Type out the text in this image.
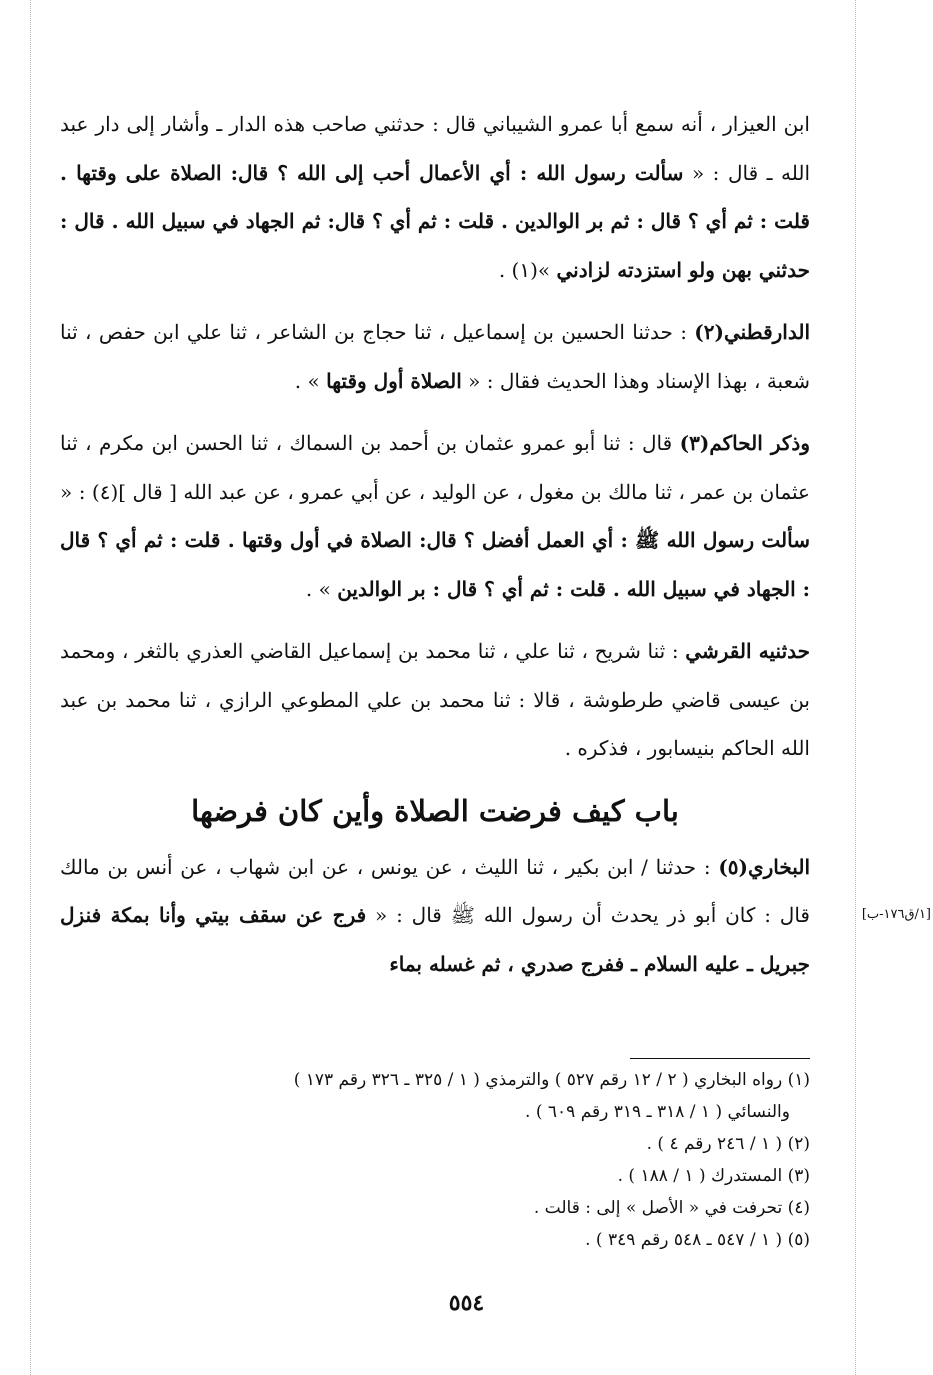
[١/ق١٧٦-ب]

ابن العيزار ، أنه سمع أبا عمرو الشيباني قال : حدثني صاحب هذه الدار ـ وأشار إلى دار عبد الله ـ قال : « سألت رسول الله : أي الأعمال أحب إلى الله ؟ قال: الصلاة على وقتها . قلت : ثم أي ؟ قال : ثم بر الوالدين . قلت : ثم أي ؟ قال: ثم الجهاد في سبيل الله . قال : حدثني بهن ولو استزدته لزادني »(١) .

الدارقطني(٢) : حدثنا الحسين بن إسماعيل ، ثنا حجاج بن الشاعر ، ثنا علي ابن حفص ، ثنا شعبة ، بهذا الإسناد وهذا الحديث فقال : « الصلاة أول وقتها » .

وذكر الحاكم(٣) قال : ثنا أبو عمرو عثمان بن أحمد بن السماك ، ثنا الحسن ابن مكرم ، ثنا عثمان بن عمر ، ثنا مالك بن مغول ، عن الوليد ، عن أبي عمرو ، عن عبد الله [ قال ](٤) : « سألت رسول الله ﷺ : أي العمل أفضل ؟ قال: الصلاة في أول وقتها . قلت : ثم أي ؟ قال : الجهاد في سبيل الله . قلت : ثم أي ؟ قال : بر الوالدين » .

حدثنيه القرشي : ثنا شريح ، ثنا علي ، ثنا محمد بن إسماعيل القاضي العذري بالثغر ، ومحمد بن عيسى قاضي طرطوشة ، قالا : ثنا محمد بن علي المطوعي الرازي ، ثنا محمد بن عبد الله الحاكم بنيسابور ، فذكره .

باب كيف فرضت الصلاة وأين كان فرضها

البخاري(٥) : حدثنا / ابن بكير ، ثنا الليث ، عن يونس ، عن ابن شهاب ، عن أنس بن مالك قال : كان أبو ذر يحدث أن رسول الله ﷺ قال : « فرج عن سقف بيتي وأنا بمكة فنزل جبريل ـ عليه السلام ـ ففرج صدري ، ثم غسله بماء

(١) رواه البخاري ( ٢ / ١٢ رقم ٥٢٧ ) والترمذي ( ١ / ٣٢٥ ـ ٣٢٦ رقم ١٧٣ )

والنسائي ( ١ / ٣١٨ ـ ٣١٩ رقم ٦٠٩ ) .

(٢) ( ١ / ٢٤٦ رقم ٤ ) .

(٣) المستدرك ( ١ / ١٨٨ ) .

(٤) تحرفت في « الأصل » إلى : قالت .

(٥) ( ١ / ٥٤٧ ـ ٥٤٨ رقم ٣٤٩ ) .

٥٥٤
